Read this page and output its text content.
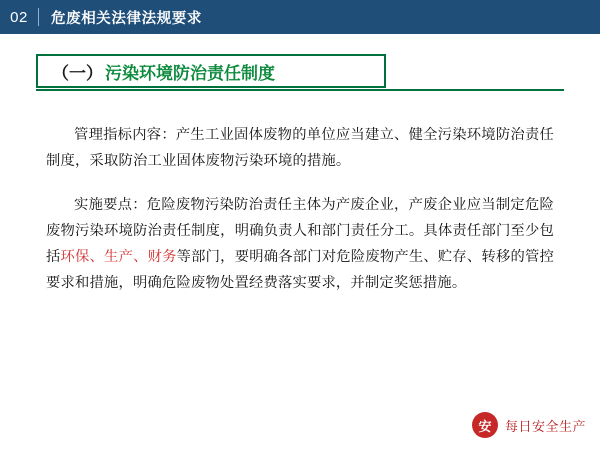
02	危废相关法律法规要求
（一） 污染环境防治责任制度

管理指标内容：产生工业固体废物的单位应当建立、健全污染环境防治责任制度，采取防治工业固体废物污染环境的措施。

实施要点：危险废物污染防治责任主体为产废企业，产废企业应当制定危险废物污染环境防治责任制度，明确负责人和部门责任分工。具体责任部门至少包括环保、生产、财务等部门，要明确各部门对危险废物产生、贮存、转移的管控要求和措施，明确危险废物处置经费落实要求，并制定奖惩措施。

安	每日安全生产
